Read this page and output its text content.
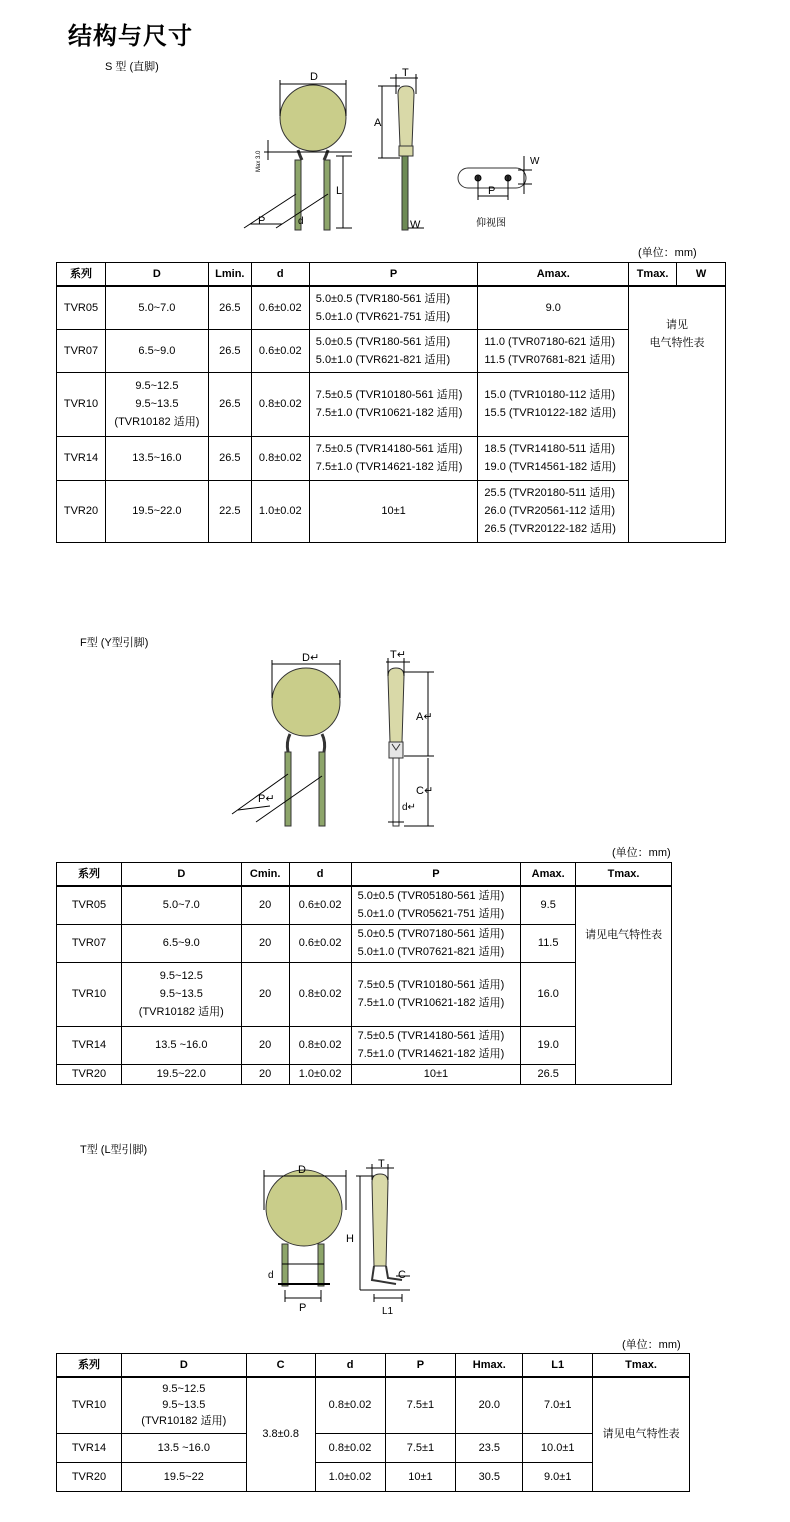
结构与尺寸
S 型 (直脚)
D	T
A
L
P	d	W
Max 3.0
P
W
仰视图
(单位：mm)
系列	D	Lmin.	d	P	Amax.	Tmax.	W
TVR05	5.0~7.0	26.5	0.6±0.02	5.0±0.5 (TVR180-561 适用)
5.0±1.0 (TVR621-751 适用)	9.0	请见
电气特性表	

TVR07	6.5~9.0	26.5	0.6±0.02	5.0±0.5 (TVR180-561 适用)
5.0±1.0 (TVR621-821 适用)	11.0 (TVR07180-621 适用)
11.5 (TVR07681-821 适用)		

TVR10	9.5~12.5
9.5~13.5
(TVR10182 适用)	26.5	0.8±0.02	7.5±0.5 (TVR10180-561 适用)
7.5±1.0 (TVR10621-182 适用)	15.0 (TVR10180-112 适用)
15.5 (TVR10122-182 适用)		

TVR14	13.5~16.0	26.5	0.8±0.02	7.5±0.5 (TVR14180-561 适用)
7.5±1.0 (TVR14621-182 适用)	18.5 (TVR14180-511 适用)
19.0 (TVR14561-182 适用)		

TVR20	19.5~22.0	22.5	1.0±0.02	10±1	25.5 (TVR20180-511 适用)
26.0 (TVR20561-112 适用)
26.5 (TVR20122-182 适用)		
F型 (Y型引脚)
D↵	T↵
A↵
C↵
P↵
d↵
(单位：mm)
系列	D	Cmin.	d	P	Amax.	Tmax.
TVR05	5.0~7.0	20	0.6±0.02	5.0±0.5 (TVR05180-561 适用)
5.0±1.0 (TVR05621-751 适用)	9.5	请见电气特性表
TVR07	6.5~9.0	20	0.6±0.02	5.0±0.5 (TVR07180-561 适用)
5.0±1.0 (TVR07621-821 适用)	11.5	
TVR10	9.5~12.5
9.5~13.5
(TVR10182 适用)	20	0.8±0.02	7.5±0.5 (TVR10180-561 适用)
7.5±1.0 (TVR10621-182 适用)	16.0	
TVR14	13.5 ~16.0	20	0.8±0.02	7.5±0.5 (TVR14180-561 适用)
7.5±1.0 (TVR14621-182 适用)	19.0	
TVR20	19.5~22.0	20	1.0±0.02	10±1	26.5	
T型 (L型引脚)
D	T
H
C
d
P	L1
(单位：mm)
系列	D	C	d	P	Hmax.	L1	Tmax.
TVR10	9.5~12.5
9.5~13.5
(TVR10182 适用)	3.8±0.8	0.8±0.02	7.5±1	20.0	7.0±1	请见电气特性表
TVR14	13.5 ~16.0		0.8±0.02	7.5±1	23.5	10.0±1	
TVR20	19.5~22		1.0±0.02	10±1	30.5	9.0±1	
